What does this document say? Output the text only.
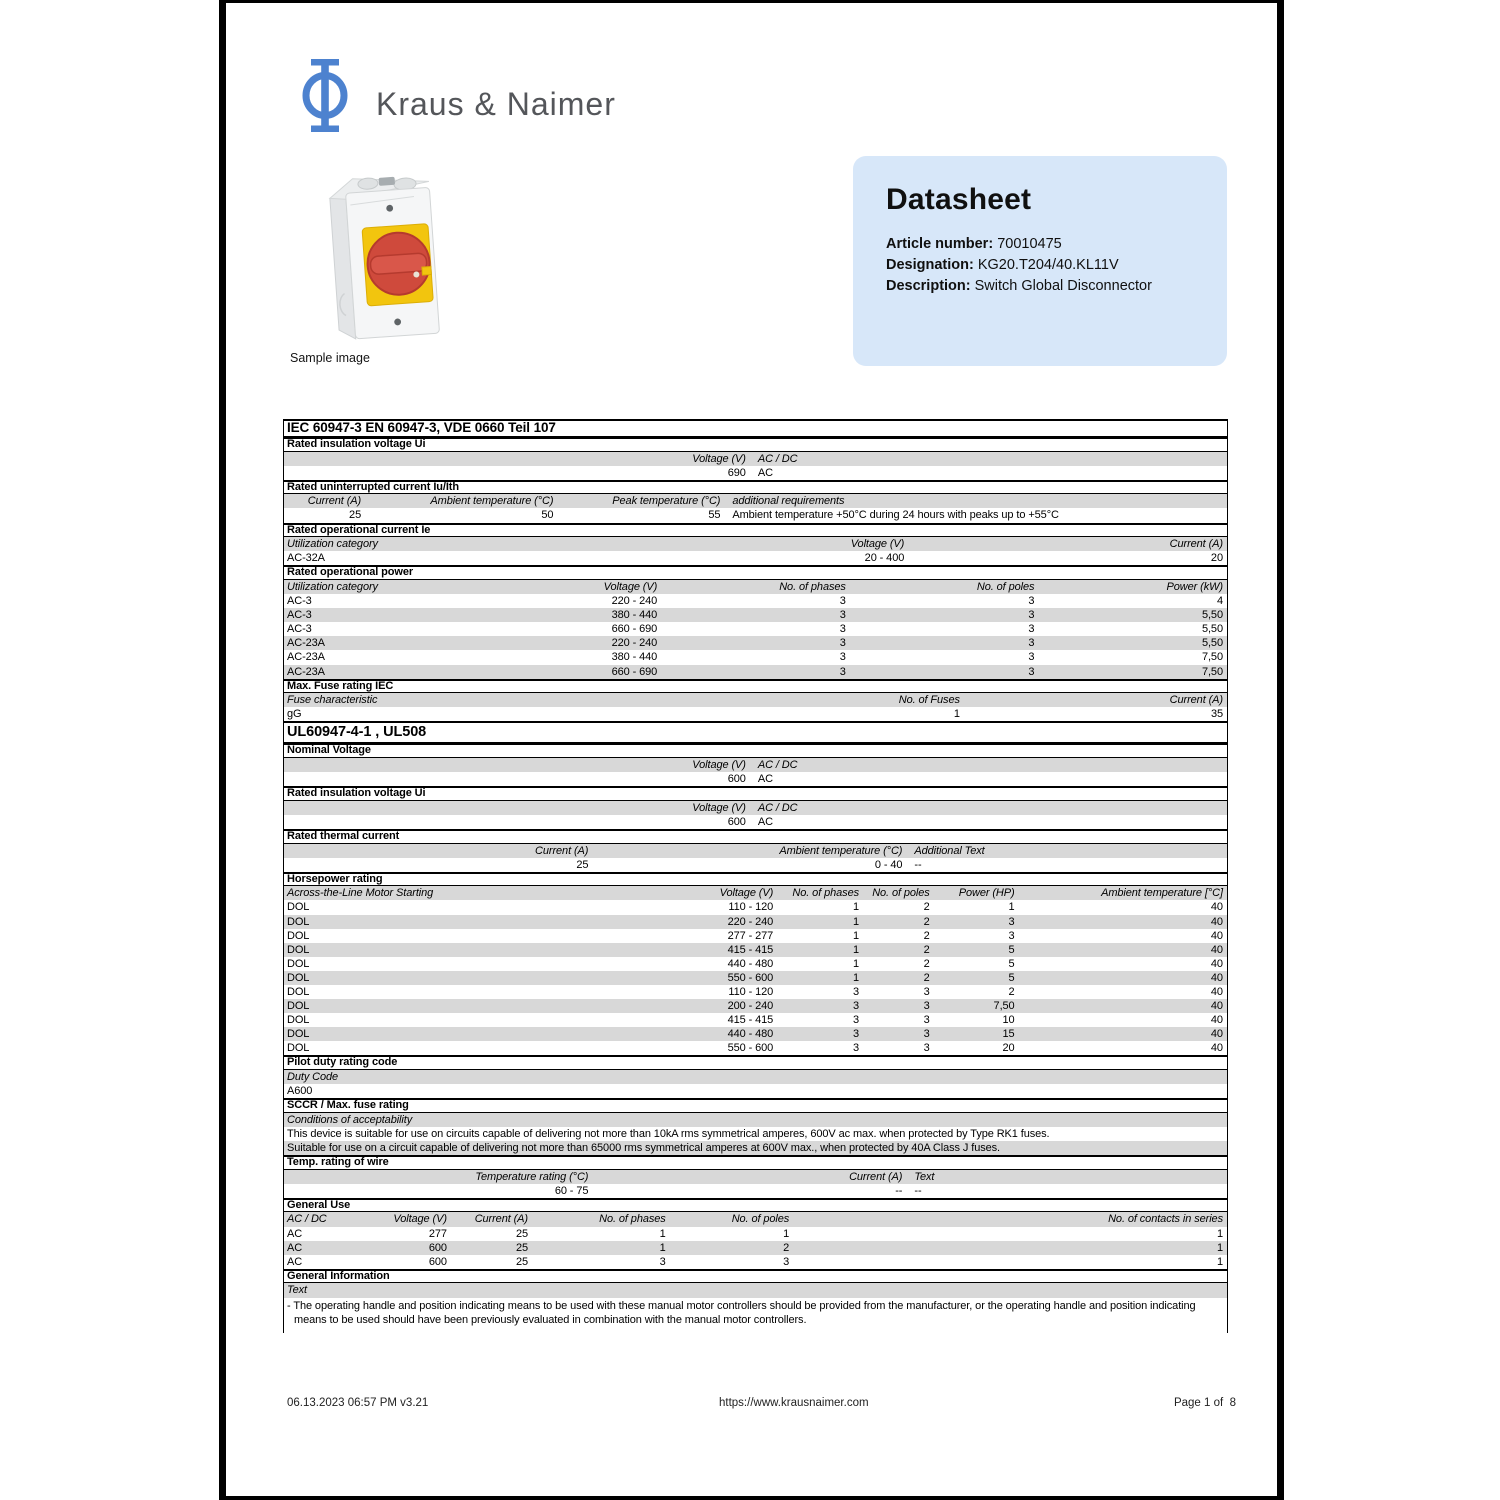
Kraus & Naimer
Sample image
Datasheet
Article number: 70010475
Designation: KG20.T204/40.KL11V
Description: Switch Global Disconnector
IEC 60947-3 EN 60947-3, VDE 0660 Teil 107
Rated insulation voltage Ui
Voltage (V)	AC / DC
690	AC
Rated uninterrupted current Iu/Ith
Current (A)	Ambient temperature (°C)	Peak temperature (°C)	additional requirements
25	50	55	Ambient temperature +50°C during 24 hours with peaks up to +55°C
Rated operational current Ie
Utilization category	Voltage (V)	Current (A)
AC-32A	20 - 400	20
Rated operational power
Utilization category	Voltage (V)	No. of phases	No. of poles	Power (kW)
AC-3	220 - 240	3	3	4
AC-3	380 - 440	3	3	5,50
AC-3	660 - 690	3	3	5,50
AC-23A	220 - 240	3	3	5,50
AC-23A	380 - 440	3	3	7,50
AC-23A	660 - 690	3	3	7,50
Max. Fuse rating IEC
Fuse characteristic	No. of Fuses	Current (A)
gG	1	35
UL60947-4-1 , UL508
Nominal Voltage
Voltage (V)	AC / DC
600	AC
Rated insulation voltage Ui
Voltage (V)	AC / DC
600	AC
Rated thermal current
Current (A)	Ambient temperature (°C)	Additional Text
25	0 - 40	--
Horsepower rating
Across-the-Line Motor Starting	Voltage (V)	No. of phases	No. of poles	Power (HP)	Ambient temperature [°C]
DOL	110 - 120	1	2	1	40
DOL	220 - 240	1	2	3	40
DOL	277 - 277	1	2	3	40
DOL	415 - 415	1	2	5	40
DOL	440 - 480	1	2	5	40
DOL	550 - 600	1	2	5	40
DOL	110 - 120	3	3	2	40
DOL	200 - 240	3	3	7,50	40
DOL	415 - 415	3	3	10	40
DOL	440 - 480	3	3	15	40
DOL	550 - 600	3	3	20	40
Pilot duty rating code
Duty Code
A600
SCCR / Max. fuse rating
Conditions of acceptability
This device is suitable for use on circuits capable of delivering not more than 10kA rms symmetrical amperes, 600V ac max. when protected by Type RK1 fuses.
Suitable for use on a circuit capable of delivering not more than 65000 rms symmetrical amperes at 600V max., when protected by 40A Class J fuses.
Temp. rating of wire
Temperature rating (°C)	Current (A)	Text
60 - 75	--	--
General Use
AC / DC	Voltage (V)	Current (A)	No. of phases	No. of poles	No. of contacts in series
AC	277	25	1	1	1
AC	600	25	1	2	1
AC	600	25	3	3	1
General Information
Text
- The operating handle and position indicating means to be used with these manual motor controllers should be provided from the manufacturer, or the operating handle and position indicating means to be used should have been previously evaluated in combination with the manual motor controllers.
06.13.2023 06:57 PM v3.21	https://www.krausnaimer.com	Page 1 of  8
